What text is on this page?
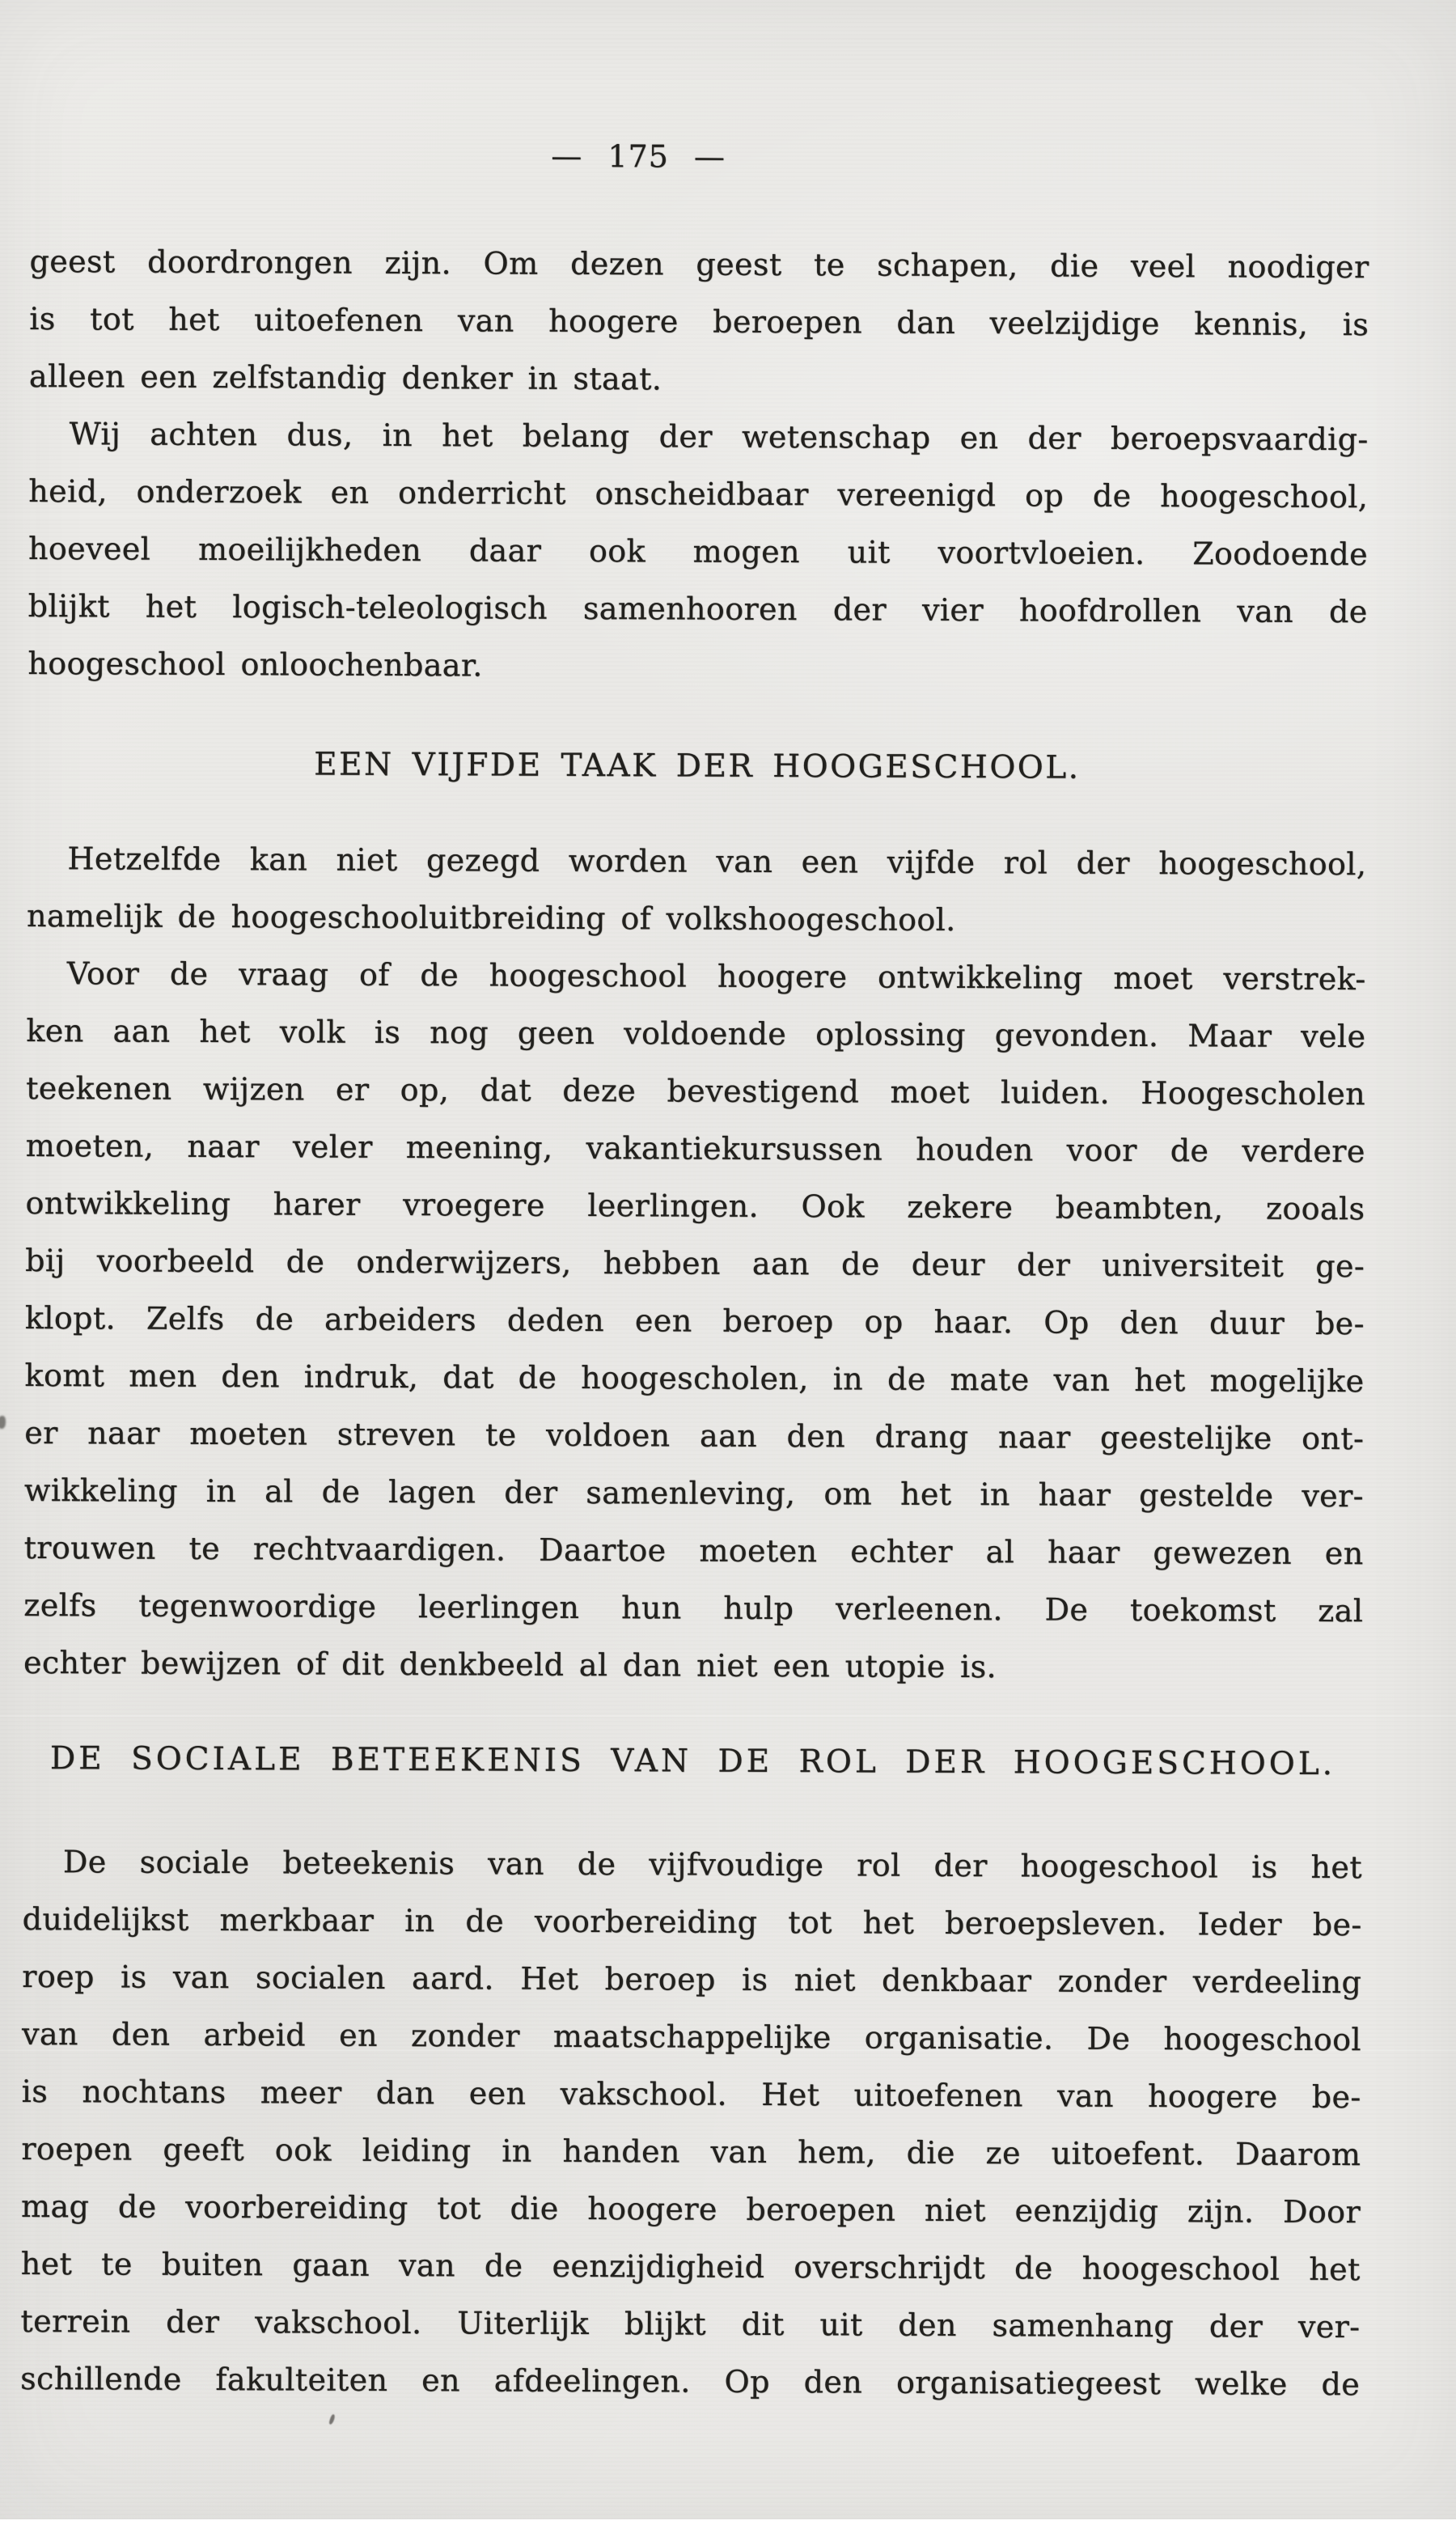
— 175 —
geest doordrongen zijn. Om dezen geest te schapen, die veel noodiger
is tot het uitoefenen van hoogere beroepen dan veelzijdige kennis, is
alleen een zelfstandig denker in staat.
Wij achten dus, in het belang der wetenschap en der beroepsvaardig-
heid, onderzoek en onderricht onscheidbaar vereenigd op de hoogeschool,
hoeveel moeilijkheden daar ook mogen uit voortvloeien. Zoodoende
blijkt het logisch-teleologisch samenhooren der vier hoofdrollen van de
hoogeschool onloochenbaar.
EEN VIJFDE TAAK DER HOOGESCHOOL.
Hetzelfde kan niet gezegd worden van een vijfde rol der hoogeschool,
namelijk de hoogeschooluitbreiding of volkshoogeschool.
Voor de vraag of de hoogeschool hoogere ontwikkeling moet verstrek-
ken aan het volk is nog geen voldoende oplossing gevonden. Maar vele
teekenen wijzen er op, dat deze bevestigend moet luiden. Hoogescholen
moeten, naar veler meening, vakantiekursussen houden voor de verdere
ontwikkeling harer vroegere leerlingen. Ook zekere beambten, zooals
bij voorbeeld de onderwijzers, hebben aan de deur der universiteit ge-
klopt. Zelfs de arbeiders deden een beroep op haar. Op den duur be-
komt men den indruk, dat de hoogescholen, in de mate van het mogelijke
er naar moeten streven te voldoen aan den drang naar geestelijke ont-
wikkeling in al de lagen der samenleving, om het in haar gestelde ver-
trouwen te rechtvaardigen. Daartoe moeten echter al haar gewezen en
zelfs tegenwoordige leerlingen hun hulp verleenen. De toekomst zal
echter bewijzen of dit denkbeeld al dan niet een utopie is.
DE SOCIALE BETEEKENIS VAN DE ROL DER HOOGESCHOOL.
De sociale beteekenis van de vijfvoudige rol der hoogeschool is het
duidelijkst merkbaar in de voorbereiding tot het beroepsleven. Ieder be-
roep is van socialen aard. Het beroep is niet denkbaar zonder verdeeling
van den arbeid en zonder maatschappelijke organisatie. De hoogeschool
is nochtans meer dan een vakschool. Het uitoefenen van hoogere be-
roepen geeft ook leiding in handen van hem, die ze uitoefent. Daarom
mag de voorbereiding tot die hoogere beroepen niet eenzijdig zijn. Door
het te buiten gaan van de eenzijdigheid overschrijdt de hoogeschool het
terrein der vakschool. Uiterlijk blijkt dit uit den samenhang der ver-
schillende fakulteiten en afdeelingen. Op den organisatiegeest welke de
